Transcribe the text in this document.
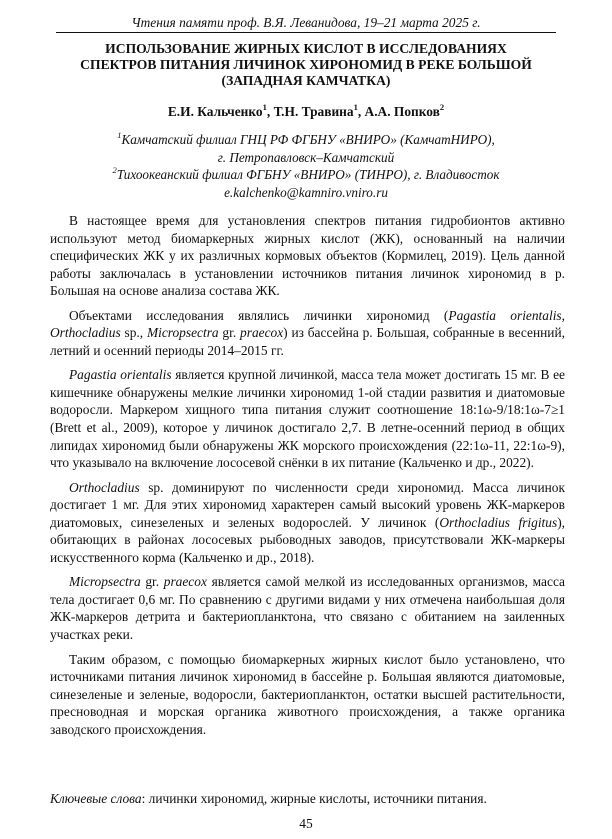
Чтения памяти проф. В.Я. Леванидова, 19–21 марта 2025 г.
ИСПОЛЬЗОВАНИЕ ЖИРНЫХ КИСЛОТ В ИССЛЕДОВАНИЯХ
СПЕКТРОВ ПИТАНИЯ ЛИЧИНОК ХИРОНОМИД В РЕКЕ БОЛЬШОЙ
(ЗАПАДНАЯ КАМЧАТКА)
Е.И. Кальченко$^1$, Т.Н. Травина$^1$, А.А. Попков$^2$
$^1$Камчатский филиал ГНЦ РФ ФГБНУ «ВНИРО» (КамчатНИРО),
г. Петропавловск–Камчатский
$^2$Тихоокеанский филиал ФГБНУ «ВНИРО» (ТИНРО), г. Владивосток
e.kalchenko@kamniro.vniro.ru

В настоящее время для установления спектров питания гидробионтов активно используют метод биомаркерных жирных кислот (ЖК), основанный на наличии специфических ЖК у их различных кормовых объектов (Кормилец, 2019). Цель данной работы заключалась в установлении источников питания личинок хирономид в р. Большая на основе анализа состава ЖК.

Объектами исследования являлись личинки хирономид (Pagastia orientalis, Orthocladius sp., Micropsectra gr. praecox) из бассейна р. Большая, собранные в весенний, летний и осенний периоды 2014–2015 гг.

Pagastia orientalis является крупной личинкой, масса тела может достигать 15 мг. В ее кишечнике обнаружены мелкие личинки хирономид 1-ой стадии развития и диатомовые водоросли. Маркером хищного типа питания служит соотношение 18:1ω-9/18:1ω-7≥1 (Brett et al., 2009), которое у личинок достигало 2,7. В летне-осенний период в общих липидах хирономид были обнаружены ЖК морского происхождения (22:1ω-11, 22:1ω-9), что указывало на включение лососевой снёнки в их питание (Кальченко и др., 2022).

Orthocladius sp. доминируют по численности среди хирономид. Масса личинок достигает 1 мг. Для этих хирономид характерен самый высокий уровень ЖК-маркеров диатомовых, синезеленых и зеленых водорослей. У личинок (Orthocladius frigitus), обитающих в районах лососевых рыбоводных заводов, присутствовали ЖК-маркеры искусственного корма (Кальченко и др., 2018).

Micropsectra gr. praecox является самой мелкой из исследованных организмов, масса тела достигает 0,6 мг. По сравнению с другими видами у них отмечена наибольшая доля ЖК-маркеров детрита и бактериопланктона, что связано с обитанием на заиленных участках реки.

Таким образом, с помощью биомаркерных жирных кислот было установлено, что источниками питания личинок хирономид в бассейне р. Большая являются диатомовые, синезеленые и зеленые, водоросли, бактериопланктон, остатки высшей растительности, пресноводная и морская органика животного происхождения, а также органика заводского происхождения.

Ключевые слова: личинки хирономид, жирные кислоты, источники питания.
45
